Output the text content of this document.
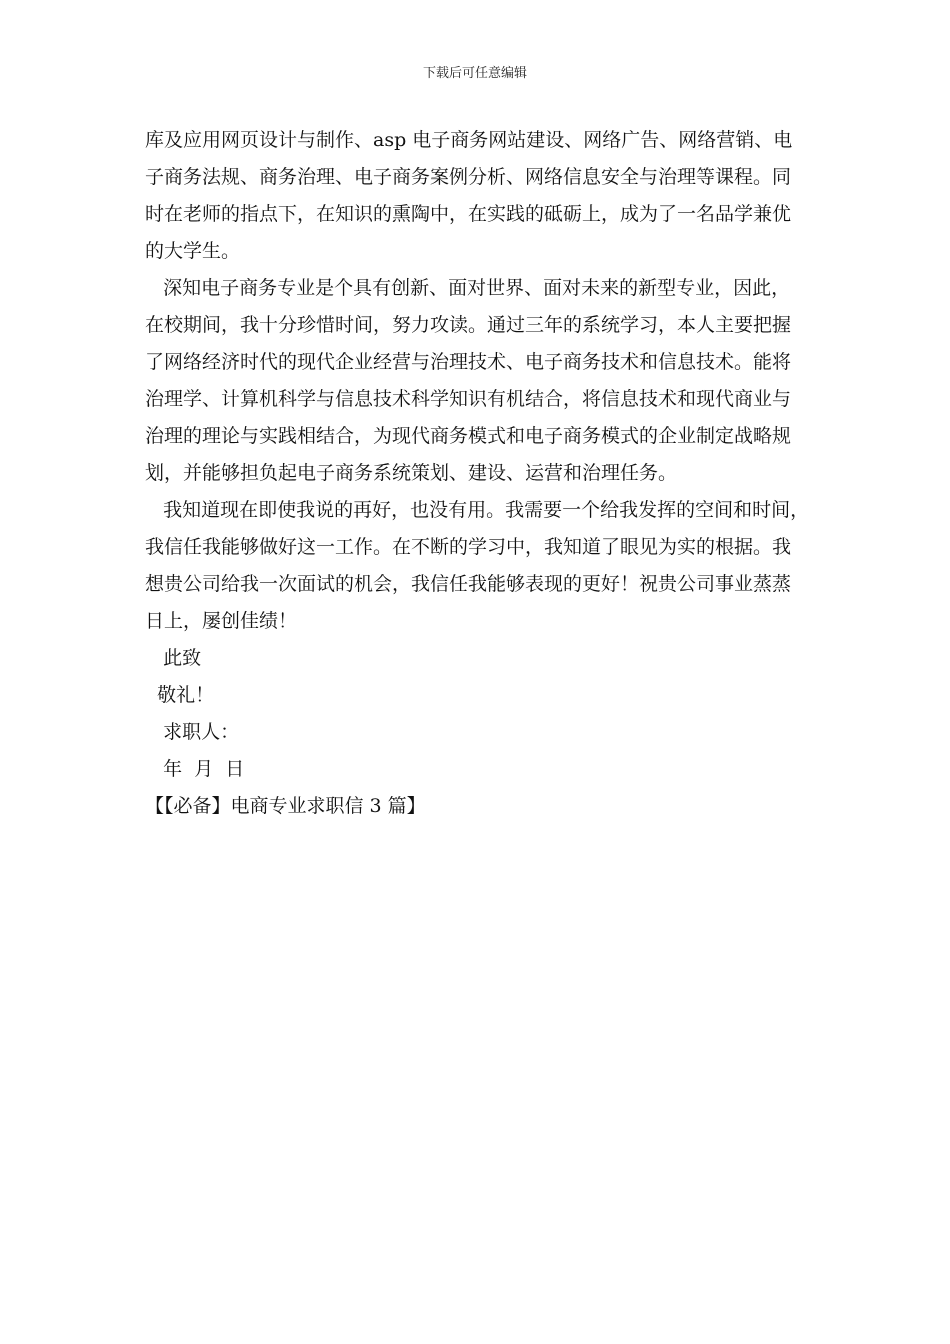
下载后可任意编辑
库及应用网页设计与制作、asp 电子商务网站建设、网络广告、网络营销、电
子商务法规、商务治理、电子商务案例分析、网络信息安全与治理等课程。同
时在老师的指点下，在知识的熏陶中，在实践的砥砺上，成为了一名品学兼优
的大学生。
深知电子商务专业是个具有创新、面对世界、面对未来的新型专业，因此，
在校期间，我十分珍惜时间，努力攻读。通过三年的系统学习，本人主要把握
了网络经济时代的现代企业经营与治理技术、电子商务技术和信息技术。能将
治理学、计算机科学与信息技术科学知识有机结合，将信息技术和现代商业与
治理的理论与实践相结合，为现代商务模式和电子商务模式的企业制定战略规
划，并能够担负起电子商务系统策划、建设、运营和治理任务。
我知道现在即使我说的再好，也没有用。我需要一个给我发挥的空间和时间，
我信任我能够做好这一工作。在不断的学习中，我知道了眼见为实的根据。我
想贵公司给我一次面试的机会，我信任我能够表现的更好！祝贵公司事业蒸蒸
日上，屡创佳绩！
此致
敬礼！
求职人：
年  月  日
【【必备】电商专业求职信 3 篇】
